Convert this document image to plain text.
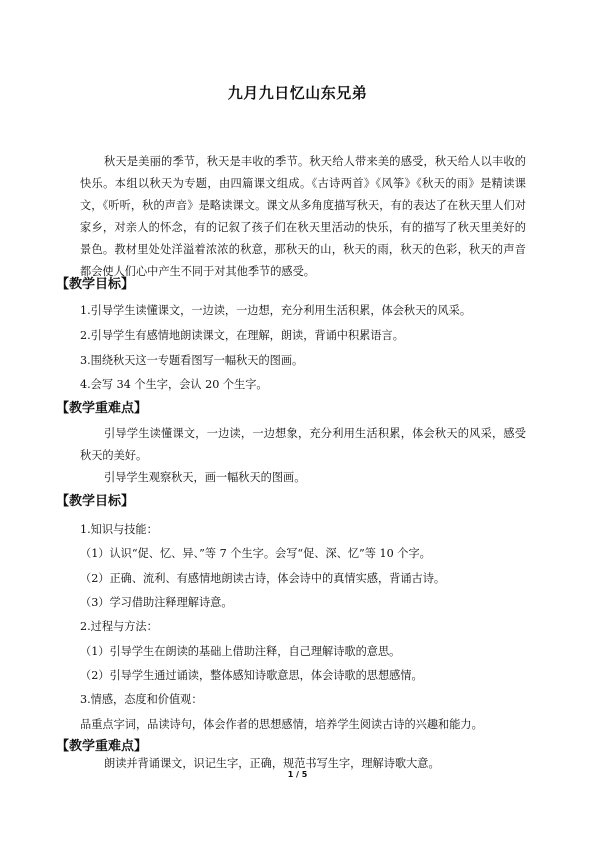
九月九日忆山东兄弟

秋天是美丽的季节，秋天是丰收的季节。秋天给人带来美的感受，秋天给人以丰收的快乐。本组以秋天为专题，由四篇课文组成。《古诗两首》《风筝》《秋天的雨》是精读课文，《听听，秋的声音》是略读课文。课文从多角度描写秋天，有的表达了在秋天里人们对家乡，对亲人的怀念，有的记叙了孩子们在秋天里活动的快乐，有的描写了秋天里美好的景色。教材里处处洋溢着浓浓的秋意，那秋天的山，秋天的雨，秋天的色彩，秋天的声音都会使人们心中产生不同于对其他季节的感受。

【教学目标】

1.引导学生读懂课文，一边读，一边想，充分利用生活积累，体会秋天的风采。

2.引导学生有感情地朗读课文，在理解，朗读，背诵中积累语言。

3.围绕秋天这一专题看图写一幅秋天的图画。

4.会写 34 个生字，会认 20 个生字。

【教学重难点】

引导学生读懂课文，一边读，一边想象，充分利用生活积累，体会秋天的风采，感受秋天的美好。

引导学生观察秋天，画一幅秋天的图画。

【教学目标】

1.知识与技能：

（1）认识“促、忆、异、”等 7 个生字。会写“促、深、忆”等 10 个字。

（2）正确、流利、有感情地朗读古诗，体会诗中的真情实感，背诵古诗。

（3）学习借助注释理解诗意。

2.过程与方法：

（1）引导学生在朗读的基础上借助注释，自己理解诗歌的意思。

（2）引导学生通过诵读，整体感知诗歌意思，体会诗歌的思想感情。

3.情感，态度和价值观：

品重点字词，品读诗句，体会作者的思想感情，培养学生阅读古诗的兴趣和能力。

【教学重难点】

朗读并背诵课文，识记生字，正确，规范书写生字，理解诗歌大意。

1 / 5
